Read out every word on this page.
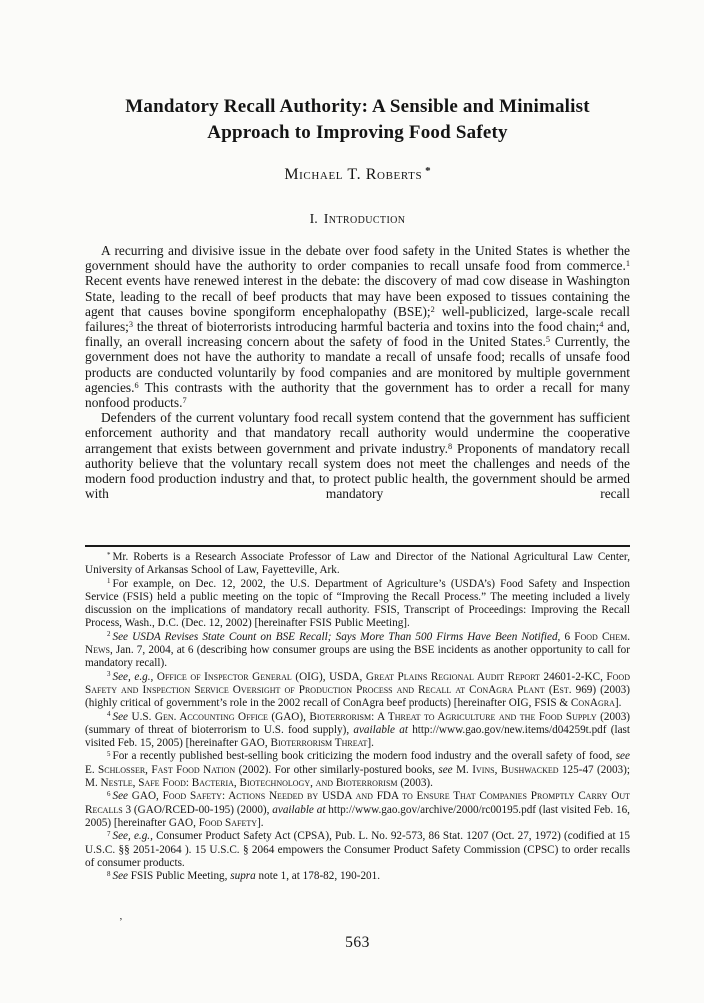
Mandatory Recall Authority: A Sensible and Minimalist Approach to Improving Food Safety
Michael T. Roberts *
I. Introduction

A recurring and divisive issue in the debate over food safety in the United States is whether the government should have the authority to order companies to recall unsafe food from commerce.$^1$ Recent events have renewed interest in the debate: the discovery of mad cow disease in Washington State, leading to the recall of beef products that may have been exposed to tissues containing the agent that causes bovine spongiform encephalopathy (BSE);$^2$ well-publicized, large-scale recall failures;$^3$ the threat of bioterrorists introducing harmful bacteria and toxins into the food chain;$^4$ and, finally, an overall increasing concern about the safety of food in the United States.$^5$ Currently, the government does not have the authority to mandate a recall of unsafe food; recalls of unsafe food products are conducted voluntarily by food companies and are monitored by multiple government agencies.$^6$ This contrasts with the authority that the government has to order a recall for many nonfood products.$^7$

Defenders of the current voluntary food recall system contend that the government has sufficient enforcement authority and that mandatory recall authority would undermine the cooperative arrangement that exists between government and private industry.$^8$ Proponents of mandatory recall authority believe that the voluntary recall system does not meet the challenges and needs of the modern food production industry and that, to protect public health, the government should be armed with mandatory recall

* Mr. Roberts is a Research Associate Professor of Law and Director of the National Agricultural Law Center, University of Arkansas School of Law, Fayetteville, Ark.

$^1$ For example, on Dec. 12, 2002, the U.S. Department of Agriculture’s (USDA’s) Food Safety and Inspection Service (FSIS) held a public meeting on the topic of “Improving the Recall Process.” The meeting included a lively discussion on the implications of mandatory recall authority. FSIS, Transcript of Proceedings: Improving the Recall Process, Wash., D.C. (Dec. 12, 2002) [hereinafter FSIS Public Meeting].

$^2$ See USDA Revises State Count on BSE Recall; Says More Than 500 Firms Have Been Notified, 6 Food Chem. News, Jan. 7, 2004, at 6 (describing how consumer groups are using the BSE incidents as another opportunity to call for mandatory recall).

$^3$ See, e.g., Office of Inspector General (OIG), USDA, Great Plains Regional Audit Report 24601-2-KC, Food Safety and Inspection Service Oversight of Production Process and Recall at ConAgra Plant (Est. 969) (2003) (highly critical of government’s role in the 2002 recall of ConAgra beef products) [hereinafter OIG, FSIS & ConAgra].

$^4$ See U.S. Gen. Accounting Office (GAO), Bioterrorism: A Threat to Agriculture and the Food Supply (2003) (summary of threat of bioterrorism to U.S. food supply), available at http://www.gao.gov/new.items/d04259t.pdf (last visited Feb. 15, 2005) [hereinafter GAO, Bioterrorism Threat].

$^5$ For a recently published best-selling book criticizing the modern food industry and the overall safety of food, see E. Schlosser, Fast Food Nation (2002). For other similarly-postured books, see M. Ivins, Bushwacked 125-47 (2003); M. Nestle, Safe Food: Bacteria, Biotechnology, and Bioterrorism (2003).

$^6$ See GAO, Food Safety: Actions Needed by USDA and FDA to Ensure That Companies Promptly Carry Out Recalls 3 (GAO/RCED-00-195) (2000), available at http://www.gao.gov/archive/2000/rc00195.pdf (last visited Feb. 16, 2005) [hereinafter GAO, Food Safety].

$^7$ See, e.g., Consumer Product Safety Act (CPSA), Pub. L. No. 92-573, 86 Stat. 1207 (Oct. 27, 1972) (codified at 15 U.S.C. §§ 2051-2064 ). 15 U.S.C. § 2064 empowers the Consumer Product Safety Commission (CPSC) to order recalls of consumer products.

$^8$ See FSIS Public Meeting, supra note 1, at 178-82, 190-201.

’
563
